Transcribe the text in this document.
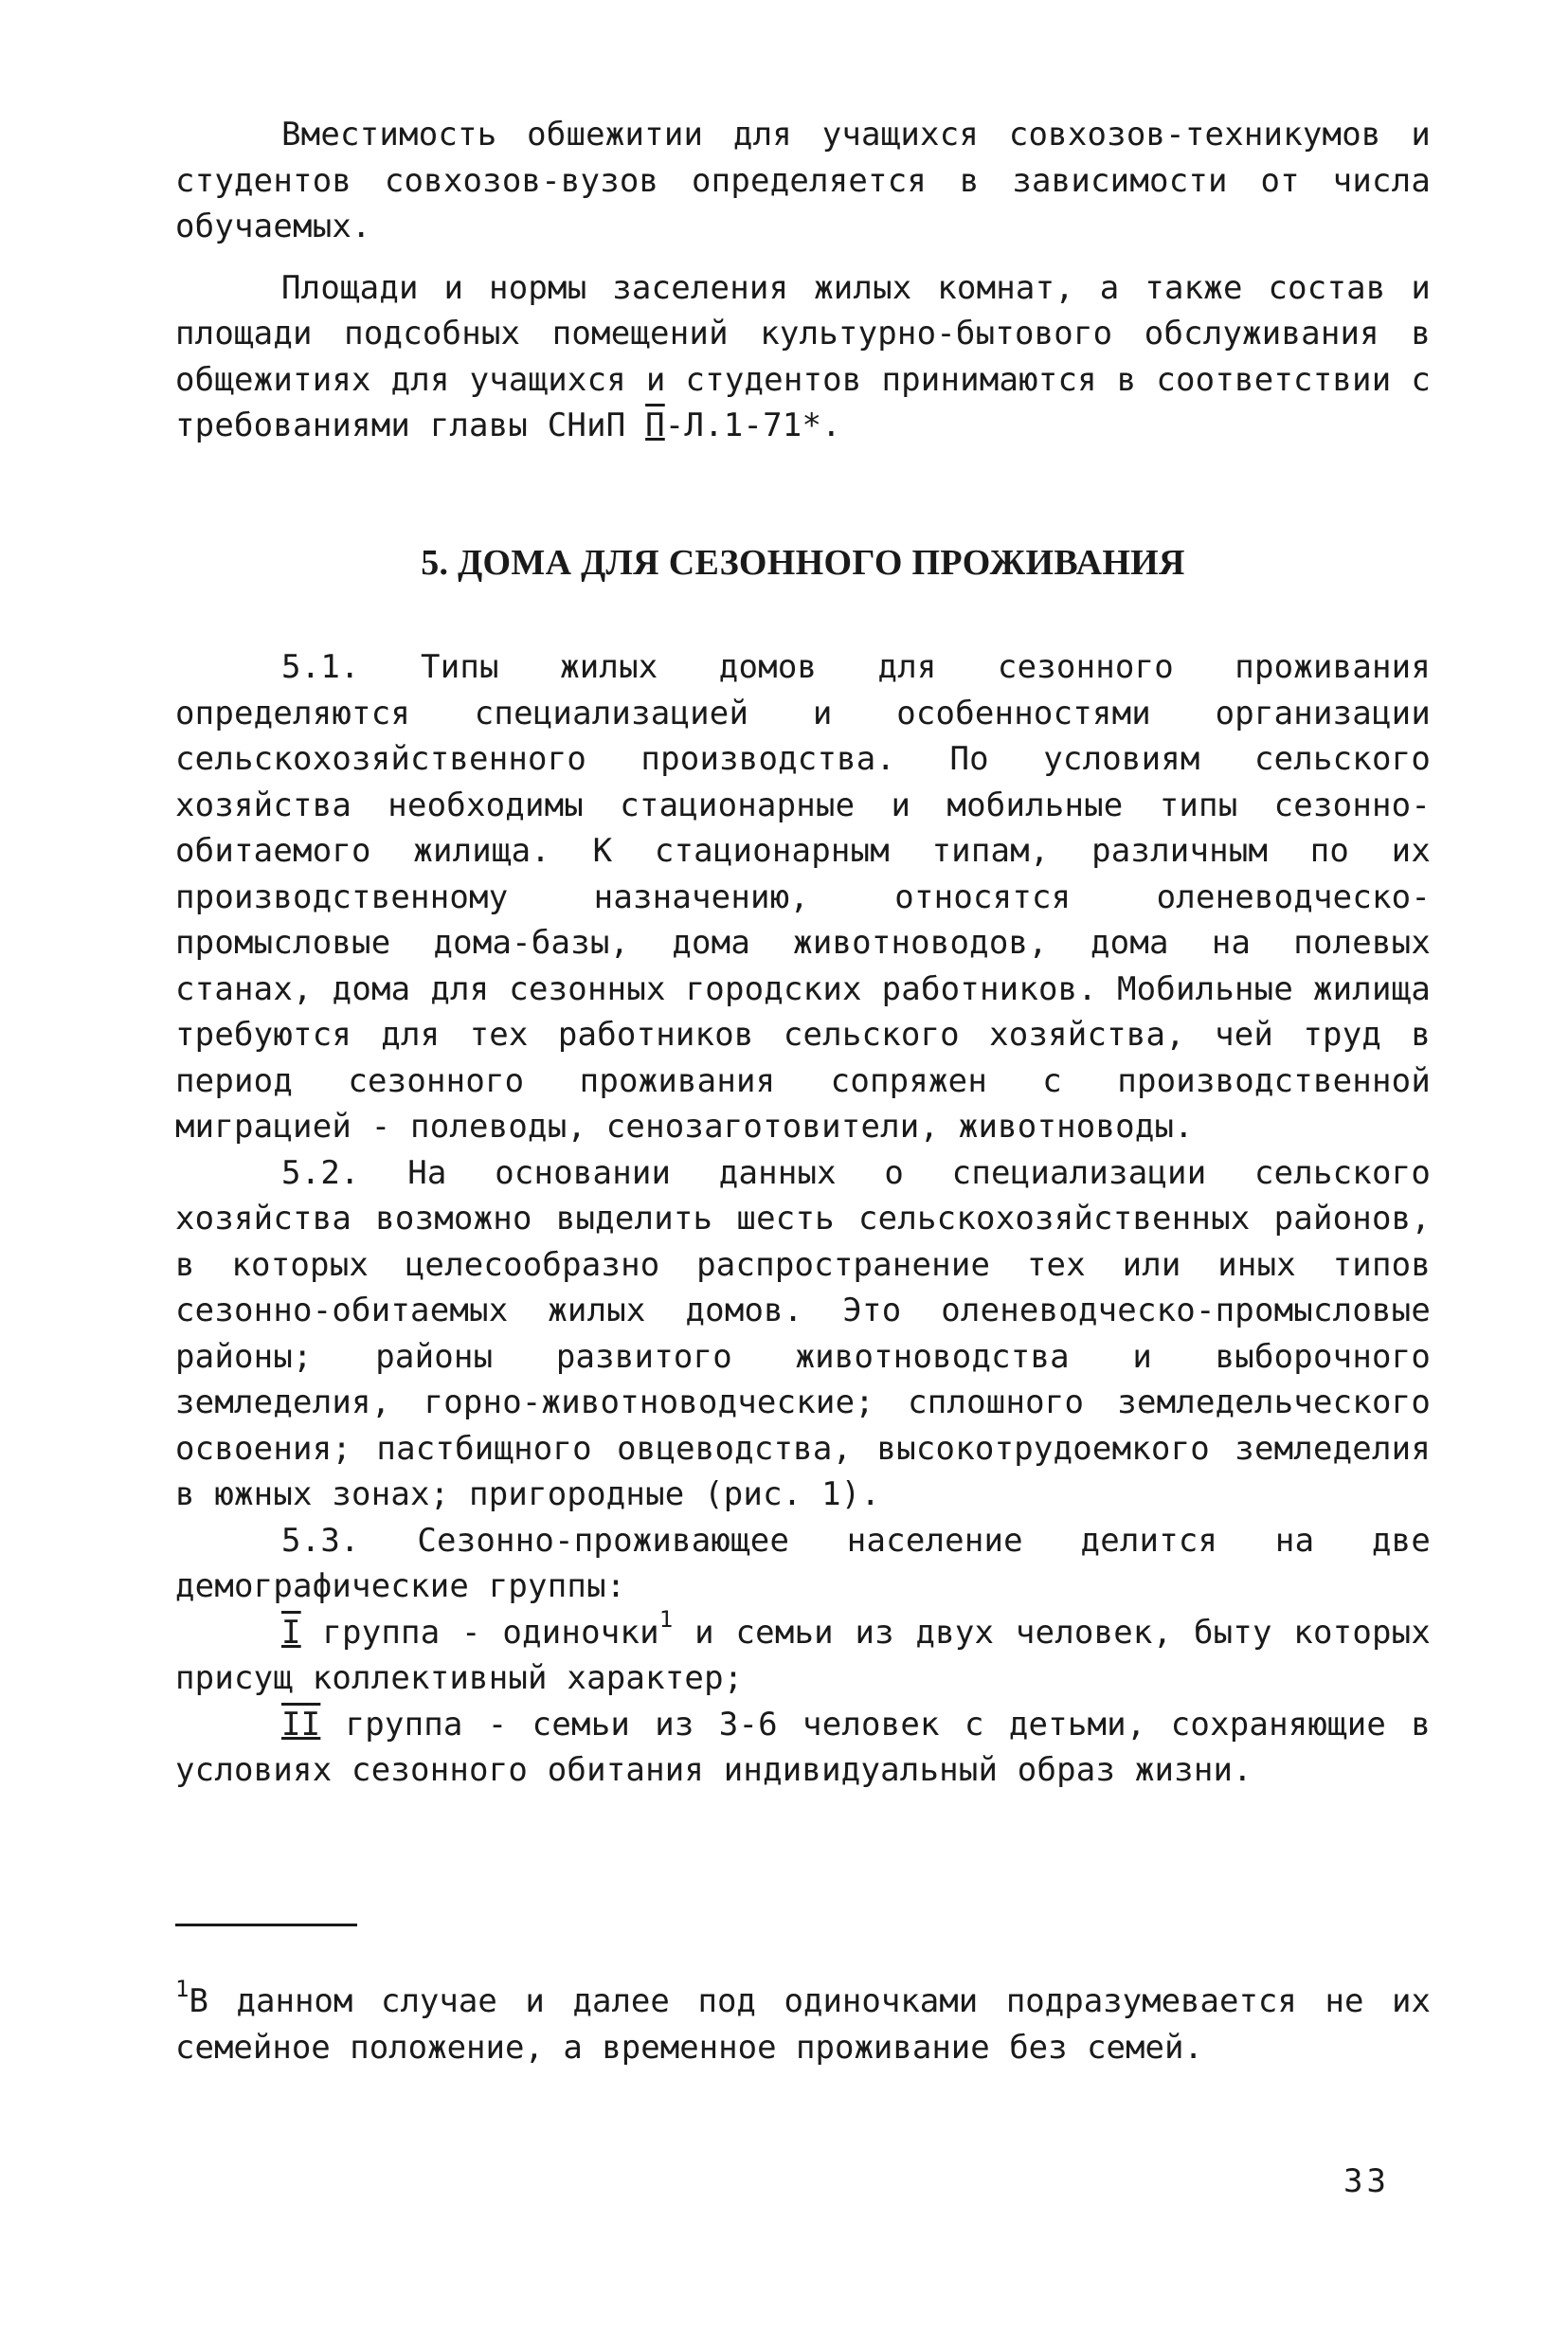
Вместимость обшежитии для учащихся совхозов-техникумов и студентов совхозов-вузов определяется в зависимости от числа обучаемых.

Площади и нормы заселения жилых комнат, а также состав и площади подсобных помещений культурно-бытового обслуживания в общежитиях для учащихся и студентов принимаются в соответствии с требованиями главы СНиП П-Л.1-71*.

5. ДОМА ДЛЯ СЕЗОННОГО ПРОЖИВАНИЯ

5.1. Типы жилых домов для сезонного проживания определяются специализацией и особенностями организации сельскохозяйственного производства. По условиям сельского хозяйства необходимы стационарные и мобильные типы сезонно-обитаемого жилища. К стационарным типам, различным по их производственному назначению, относятся оленеводческо-промысловые дома-базы, дома животноводов, дома на полевых станах, дома для сезонных городских работников. Мобильные жилища требуются для тех работников сельского хозяйства, чей труд в период сезонного проживания сопряжен с производственной миграцией - полеводы, сенозаготовители, животноводы.

5.2. На основании данных о специализации сельского хозяйства возможно выделить шесть сельскохозяйственных районов, в которых целесообразно распространение тех или иных типов сезонно-обитаемых жилых домов. Это оленеводческо-промысловые районы; районы развитого животноводства и выборочного земледелия, горно-животноводческие; сплошного земледельческого освоения; пастбищного овцеводства, высокотрудоемкого земледелия в южных зонах; пригородные (рис. 1).

5.3. Сезонно-проживающее население делится на две демографические группы:

I группа - одиночки$^1$ и семьи из двух человек, быту которых присущ коллективный характер;

II группа - семьи из 3-6 человек с детьми, сохраняющие в условиях сезонного обитания индивидуальный образ жизни.

$^1$В данном случае и далее под одиночками подразумевается не их семейное положение, а временное проживание без семей.
33
